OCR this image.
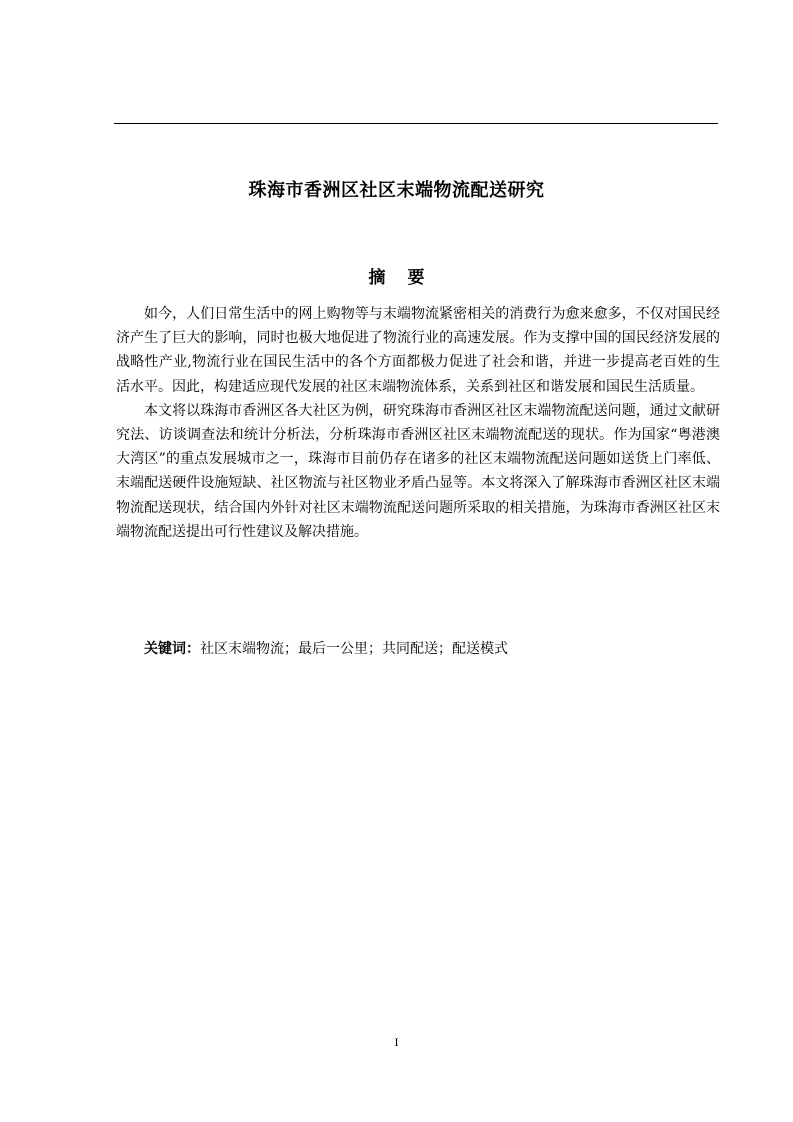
珠海市香洲区社区末端物流配送研究
摘 要

如今，人们日常生活中的网上购物等与末端物流紧密相关的消费行为愈来愈多，不仅对国民经济产生了巨大的影响，同时也极大地促进了物流行业的高速发展。作为支撑中国的国民经济发展的战略性产业,物流行业在国民生活中的各个方面都极力促进了社会和谐，并进一步提高老百姓的生活水平。因此，构建适应现代发展的社区末端物流体系，关系到社区和谐发展和国民生活质量。

本文将以珠海市香洲区各大社区为例，研究珠海市香洲区社区末端物流配送问题，通过文献研究法、访谈调查法和统计分析法，分析珠海市香洲区社区末端物流配送的现状。作为国家“粤港澳大湾区”的重点发展城市之一，珠海市目前仍存在诸多的社区末端物流配送问题如送货上门率低、末端配送硬件设施短缺、社区物流与社区物业矛盾凸显等。本文将深入了解珠海市香洲区社区末端物流配送现状，结合国内外针对社区末端物流配送问题所采取的相关措施，为珠海市香洲区社区末端物流配送提出可行性建议及解决措施。

关键词：社区末端物流；最后一公里；共同配送；配送模式
I
